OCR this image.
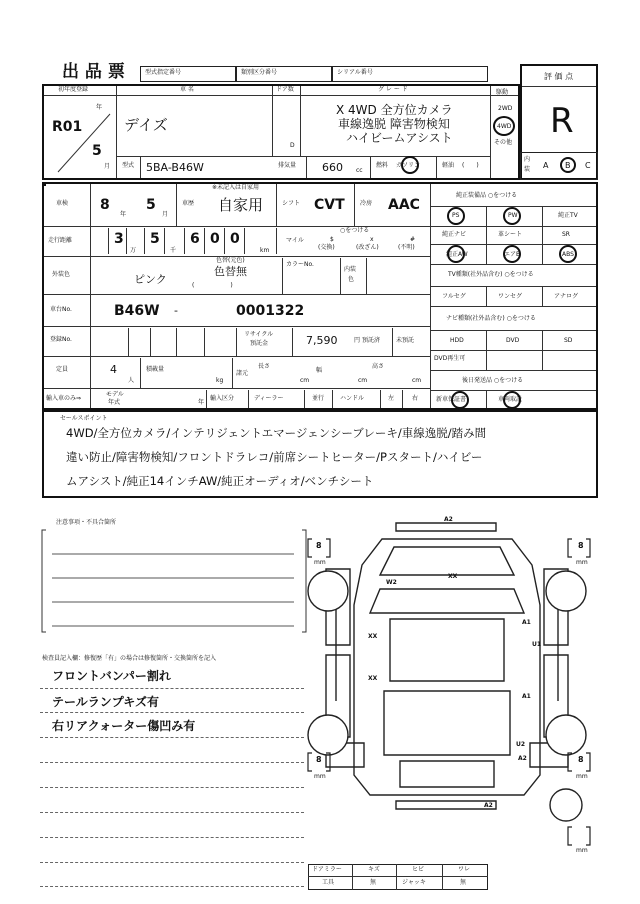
出 品 票	型式指定番号	類別区分番号	シリアル番号	評 価 点
R
初年度登録
R01
年
5
月
車 名
デイズ
ドア数
D
グ レ ー ド
X 4WD 全方位カメラ
車線逸脱 障害物検知
ハイビームアシスト
駆動
2WD
4WD
その他
型式 5BA-B46W	排気量 660 cc
燃料 ガソリン	軽油 (　　)
内
装 A B C
車検 8
年
5
月
車歴
※未記入は自家用
自家用	シフト CVT	冷房 AAC
走行距離	3
万
5
千
6 0 0
km
マイル
○をつける
$
(交換)
x
(改ざん)
#
(不明)
外装色	ピンク
色替(元色)
色替無
(　　　　　　)
カラーNo.
内装
色
車台No.	B46W -	0001322
登録No.
リサイクル
預託金	7,590	円 預託済	未預託
定員	4
人
積載量
kg
諸元
長さ
cm
幅
cm
高さ
cm
輸入車のみ⇒
モデル
年式	年
輸入区分	ディーラー	並行	ハンドル	左	右
純正装備品 ○をつける
PS	PW	純正TV
純正ナビ	革シート	SR
純正AW	エアB	ABS
TV種類(社外品含む) ○をつける
フルセグ	ワンセグ	アナログ
ナビ種類(社外品含む) ○をつける
HDD	DVD	SD
DVD再生可
後日発送品 ○をつける
新車保証書	車両取説
セールスポイント
4WD/全方位カメラ/インテリジェントエマージェンシーブレーキ/車線逸脱/踏み間
違い防止/障害物検知/フロントドラレコ/前席シートヒーター/Pスタート/ハイビー
ムアシスト/純正14インチAW/純正オーディオ/ベンチシート
注意事項・不具合箇所
検査員記入欄：修復歴「有」の場合は修復箇所・交換箇所を記入
フロントバンパー割れ
テールランプキズ有
右リアクォーター傷凹み有
A2
W2
XX
XX
XX
A1
U1
A1
U2
A2
A2
8
mm
8
mm
8
mm
8
mm
mm
ドアミラー	キズ	ヒビ	ワレ
工具	無	ジャッキ	無
